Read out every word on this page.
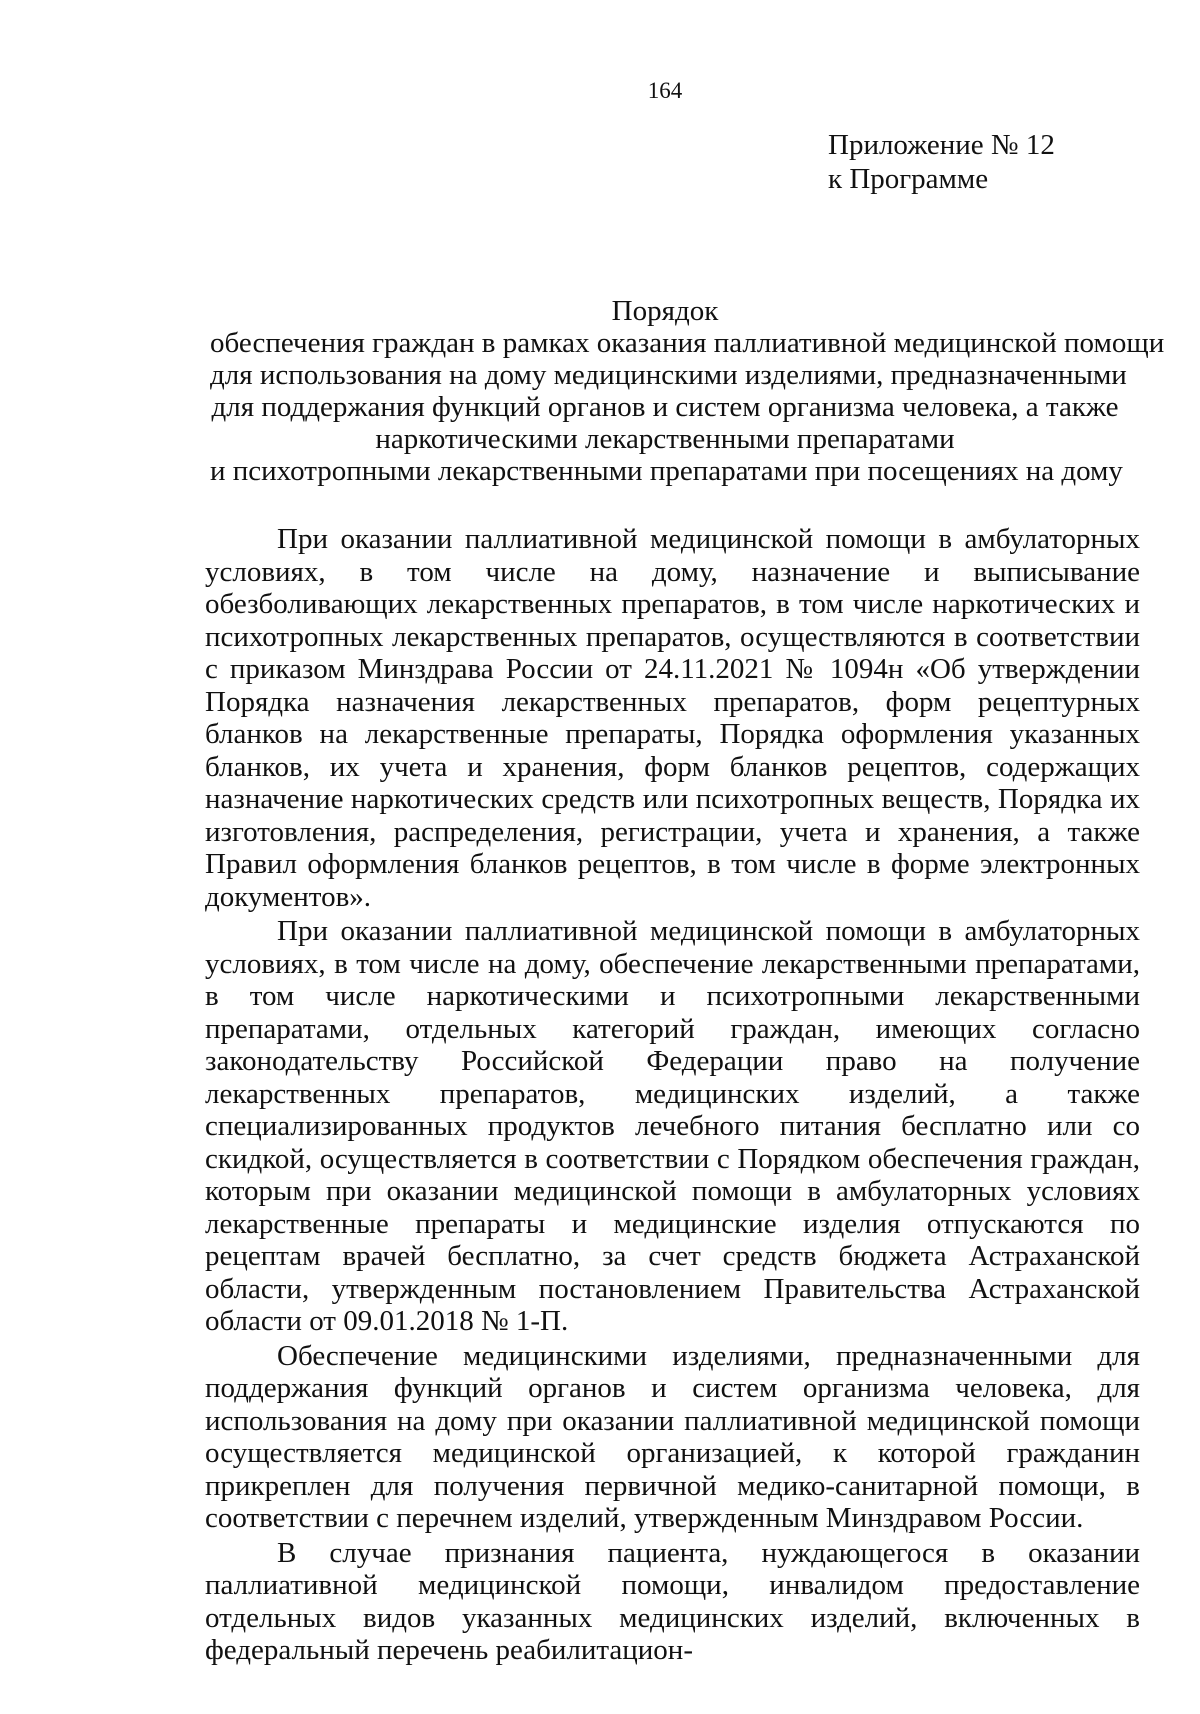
164
Приложение № 12
к Программе
Порядок
обеспечения граждан в рамках оказания паллиативной медицинской помощи
для использования на дому медицинскими изделиями, предназначенными
для поддержания функций органов и систем организма человека, а также
наркотическими лекарственными препаратами
и психотропными лекарственными препаратами при посещениях на дому

При оказании паллиативной медицинской помощи в амбулаторных условиях, в том числе на дому, назначение и выписывание обезболивающих лекарственных препаратов, в том числе наркотических и психотропных лекарственных препаратов, осуществляются в соответствии с приказом Минздрава России от 24.11.2021 № 1094н «Об утверждении Порядка назначения лекарственных препаратов, форм рецептурных бланков на лекарственные препараты, Порядка оформления указанных бланков, их учета и хранения, форм бланков рецептов, содержащих назначение наркотических средств или психотропных веществ, Порядка их изготовления, распределения, регистрации, учета и хранения, а также Правил оформления бланков рецептов, в том числе в форме электронных документов».

При оказании паллиативной медицинской помощи в амбулаторных условиях, в том числе на дому, обеспечение лекарственными препаратами, в том числе наркотическими и психотропными лекарственными препаратами, отдельных категорий граждан, имеющих согласно законодательству Российской Федерации право на получение лекарственных препаратов, медицинских изделий, а также специализированных продуктов лечебного питания бесплатно или со скидкой, осуществляется в соответствии с Порядком обеспечения граждан, которым при оказании медицинской помощи в амбулаторных условиях лекарственные препараты и медицинские изделия отпускаются по рецептам врачей бесплатно, за счет средств бюджета Астраханской области, утвержденным постановлением Правительства Астраханской области от 09.01.2018 № 1-П.

Обеспечение медицинскими изделиями, предназначенными для поддержания функций органов и систем организма человека, для использования на дому при оказании паллиативной медицинской помощи осуществляется медицинской организацией, к которой гражданин прикреплен для получения первичной медико-санитарной помощи, в соответствии с перечнем изделий, утвержденным Минздравом России.

В случае признания пациента, нуждающегося в оказании паллиативной медицинской помощи, инвалидом предоставление отдельных видов указанных медицинских изделий, включенных в федеральный перечень реабилитацион-
